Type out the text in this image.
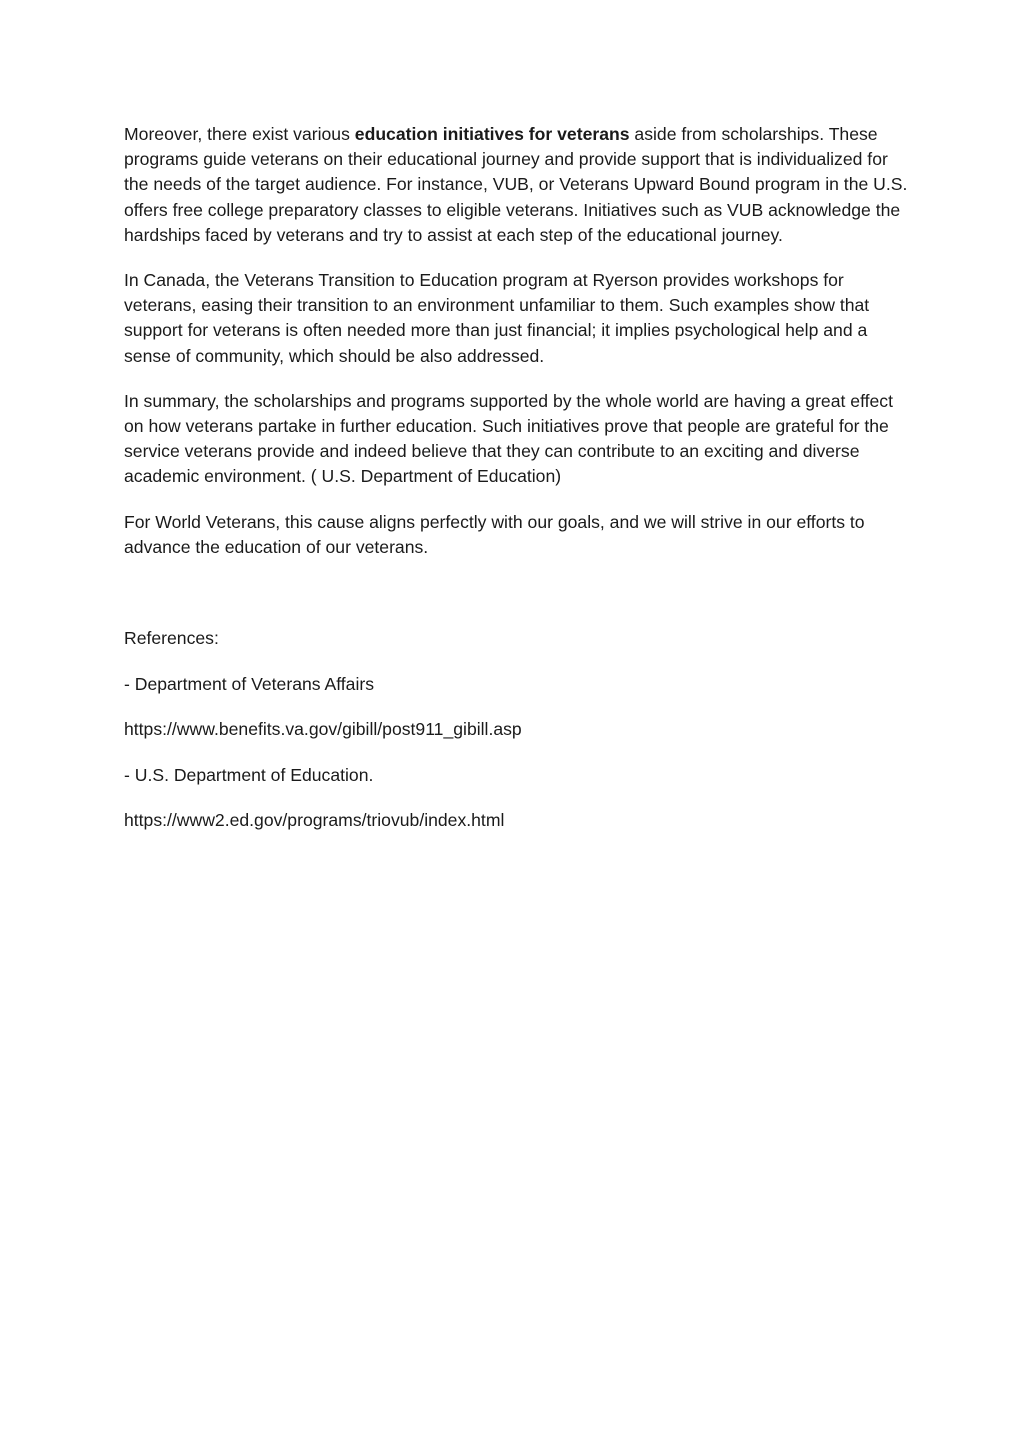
Moreover, there exist various education initiatives for veterans aside from scholarships. These programs guide veterans on their educational journey and provide support that is individualized for the needs of the target audience. For instance, VUB, or Veterans Upward Bound program in the U.S. offers free college preparatory classes to eligible veterans. Initiatives such as VUB acknowledge the hardships faced by veterans and try to assist at each step of the educational journey.

In Canada, the Veterans Transition to Education program at Ryerson provides workshops for veterans, easing their transition to an environment unfamiliar to them. Such examples show that support for veterans is often needed more than just financial; it implies psychological help and a sense of community, which should be also addressed.

In summary, the scholarships and programs supported by the whole world are having a great effect on how veterans partake in further education. Such initiatives prove that people are grateful for the service veterans provide and indeed believe that they can contribute to an exciting and diverse academic environment. ( U.S. Department of Education)

For World Veterans, this cause aligns perfectly with our goals, and we will strive in our efforts to advance the education of our veterans.

References:

- Department of Veterans Affairs

https://www.benefits.va.gov/gibill/post911_gibill.asp

- U.S. Department of Education.

https://www2.ed.gov/programs/triovub/index.html
